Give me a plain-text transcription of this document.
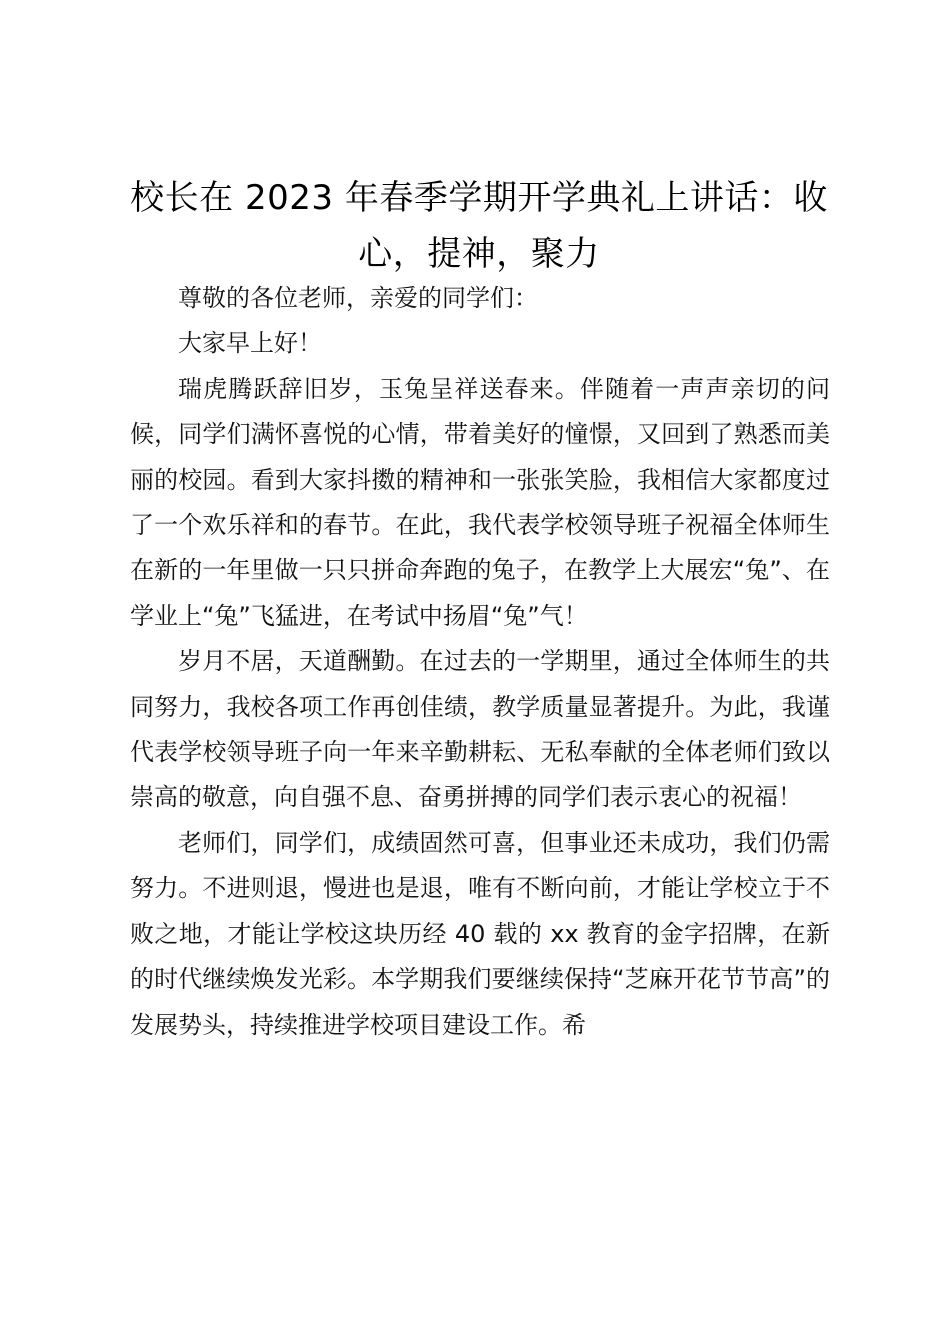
校长在 2023 年春季学期开学典礼上讲话：收
心，提神，聚力

尊敬的各位老师，亲爱的同学们：

大家早上好！

瑞虎腾跃辞旧岁，玉兔呈祥送春来。伴随着一声声亲切的问候，同学们满怀喜悦的心情，带着美好的憧憬，又回到了熟悉而美丽的校园。看到大家抖擞的精神和一张张笑脸，我相信大家都度过了一个欢乐祥和的春节。在此，我代表学校领导班子祝福全体师生在新的一年里做一只只拼命奔跑的兔子，在教学上大展宏“兔”、在学业上“兔”飞猛进，在考试中扬眉“兔”气！

岁月不居，天道酬勤。在过去的一学期里，通过全体师生的共同努力，我校各项工作再创佳绩，教学质量显著提升。为此，我谨代表学校领导班子向一年来辛勤耕耘、无私奉献的全体老师们致以崇高的敬意，向自强不息、奋勇拼搏的同学们表示衷心的祝福！

老师们，同学们，成绩固然可喜，但事业还未成功，我们仍需努力。不进则退，慢进也是退，唯有不断向前，才能让学校立于不败之地，才能让学校这块历经 40 载的 xx 教育的金字招牌，在新的时代继续焕发光彩。本学期我们要继续保持“芝麻开花节节高”的发展势头，持续推进学校项目建设工作。希
